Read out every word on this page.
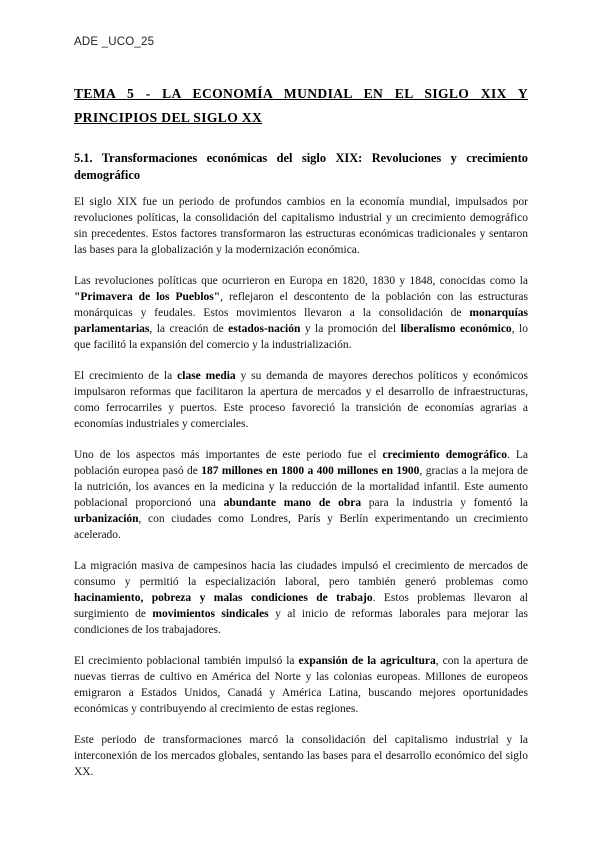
ADE _UCO_25
TEMA 5 - LA ECONOMÍA MUNDIAL EN EL SIGLO XIX Y PRINCIPIOS DEL SIGLO XX
5.1. Transformaciones económicas del siglo XIX: Revoluciones y crecimiento demográfico

El siglo XIX fue un periodo de profundos cambios en la economía mundial, impulsados por revoluciones políticas, la consolidación del capitalismo industrial y un crecimiento demográfico sin precedentes. Estos factores transformaron las estructuras económicas tradicionales y sentaron las bases para la globalización y la modernización económica.

Las revoluciones políticas que ocurrieron en Europa en 1820, 1830 y 1848, conocidas como la "Primavera de los Pueblos", reflejaron el descontento de la población con las estructuras monárquicas y feudales. Estos movimientos llevaron a la consolidación de monarquías parlamentarias, la creación de estados-nación y la promoción del liberalismo económico, lo que facilitó la expansión del comercio y la industrialización.

El crecimiento de la clase media y su demanda de mayores derechos políticos y económicos impulsaron reformas que facilitaron la apertura de mercados y el desarrollo de infraestructuras, como ferrocarriles y puertos. Este proceso favoreció la transición de economías agrarias a economías industriales y comerciales.

Uno de los aspectos más importantes de este periodo fue el crecimiento demográfico. La población europea pasó de 187 millones en 1800 a 400 millones en 1900, gracias a la mejora de la nutrición, los avances en la medicina y la reducción de la mortalidad infantil. Este aumento poblacional proporcionó una abundante mano de obra para la industria y fomentó la urbanización, con ciudades como Londres, París y Berlín experimentando un crecimiento acelerado.

La migración masiva de campesinos hacia las ciudades impulsó el crecimiento de mercados de consumo y permitió la especialización laboral, pero también generó problemas como hacinamiento, pobreza y malas condiciones de trabajo. Estos problemas llevaron al surgimiento de movimientos sindicales y al inicio de reformas laborales para mejorar las condiciones de los trabajadores.

El crecimiento poblacional también impulsó la expansión de la agricultura, con la apertura de nuevas tierras de cultivo en América del Norte y las colonias europeas. Millones de europeos emigraron a Estados Unidos, Canadá y América Latina, buscando mejores oportunidades económicas y contribuyendo al crecimiento de estas regiones.

Este periodo de transformaciones marcó la consolidación del capitalismo industrial y la interconexión de los mercados globales, sentando las bases para el desarrollo económico del siglo XX.
